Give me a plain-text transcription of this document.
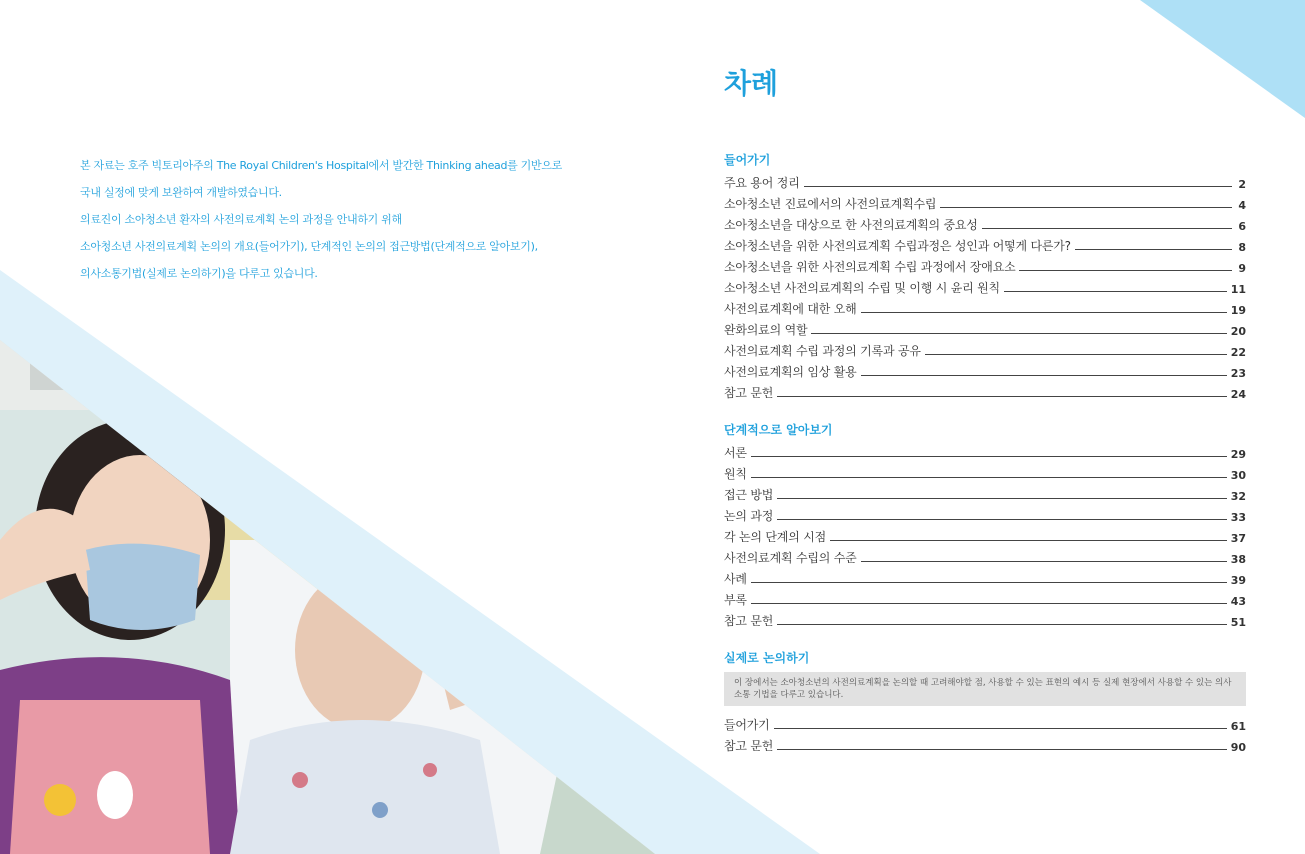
본 자료는 호주 빅토리아주의 The Royal Children's Hospital에서 발간한 Thinking ahead를 기반으로

국내 실정에 맞게 보완하여 개발하였습니다.

의료진이 소아청소년 환자의 사전의료계획 논의 과정을 안내하기 위해

소아청소년 사전의료계획 논의의 개요(들어가기), 단계적인 논의의 접근방법(단계적으로 알아보기),

의사소통기법(실제로 논의하기)을 다루고 있습니다.

차례
들어가기
주요 용어 정리	2
소아청소년 진료에서의 사전의료계획수립	4
소아청소년을 대상으로 한 사전의료계획의 중요성	6
소아청소년을 위한 사전의료계획 수립과정은 성인과 어떻게 다른가?	8
소아청소년을 위한 사전의료계획 수립 과정에서 장애요소	9
소아청소년 사전의료계획의 수립 및 이행 시 윤리 원칙	11
사전의료계획에 대한 오해	19
완화의료의 역할	20
사전의료계획 수립 과정의 기록과 공유	22
사전의료계획의 임상 활용	23
참고 문헌	24
단계적으로 알아보기
서론	29
원칙	30
접근 방법	32
논의 과정	33
각 논의 단계의 시점	37
사전의료계획 수립의 수준	38
사례	39
부록	43
참고 문헌	51
실제로 논의하기
이 장에서는 소아청소년의 사전의료계획을 논의할 때 고려해야할 점, 사용할 수 있는 표현의 예시 등 실제 현장에서 사용할 수 있는 의사소통 기법을 다루고 있습니다.
들어가기	61
참고 문헌	90
